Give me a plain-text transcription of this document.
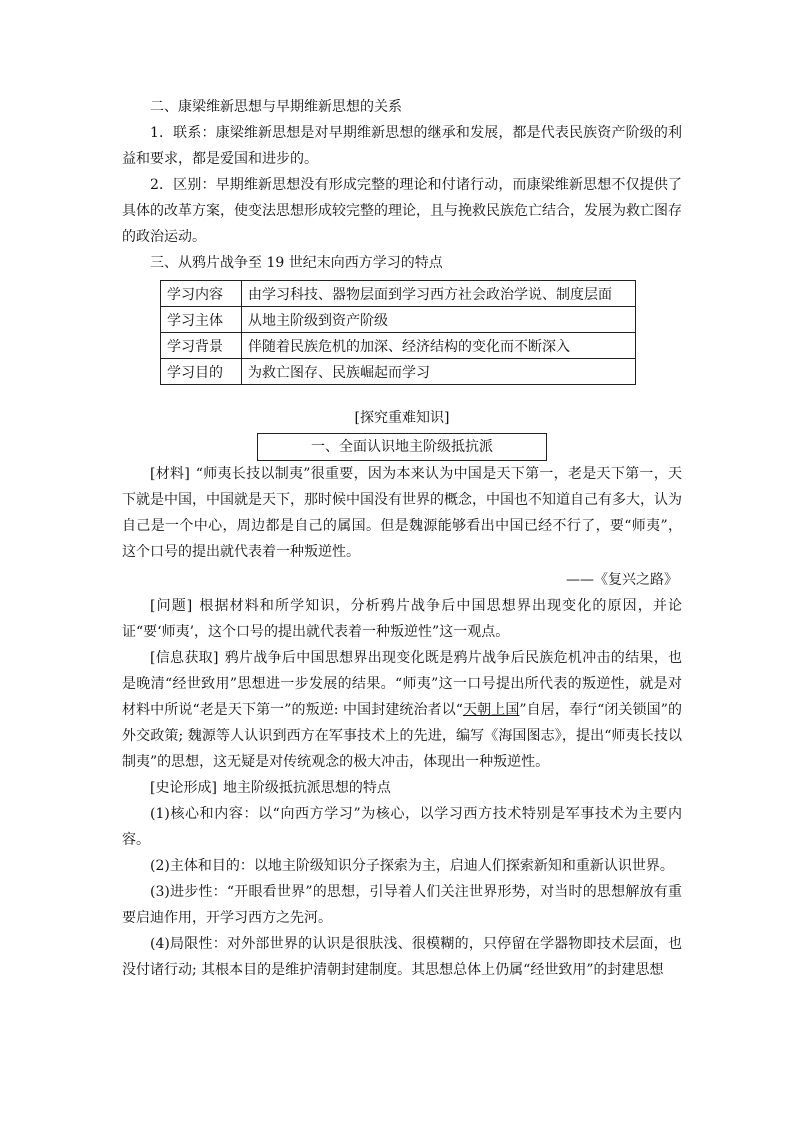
二、康梁维新思想与早期维新思想的关系

1．联系：康梁维新思想是对早期维新思想的继承和发展，都是代表民族资产阶级的利益和要求，都是爱国和进步的。

2．区别：早期维新思想没有形成完整的理论和付诸行动，而康梁维新思想不仅提供了具体的改革方案，使变法思想形成较完整的理论，且与挽救民族危亡结合，发展为救亡图存的政治运动。

三、从鸦片战争至 19 世纪末向西方学习的特点
学习内容	由学习科技、器物层面到学习西方社会政治学说、制度层面
学习主体	从地主阶级到资产阶级
学习背景	伴随着民族危机的加深、经济结构的变化而不断深入
学习目的	为救亡图存、民族崛起而学习
[探究重难知识]
一、全面认识地主阶级抵抗派

[材料] “师夷长技以制夷”很重要，因为本来认为中国是天下第一，老是天下第一，天下就是中国，中国就是天下，那时候中国没有世界的概念，中国也不知道自己有多大，认为自己是一个中心，周边都是自己的属国。但是魏源能够看出中国已经不行了，要“师夷”，这个口号的提出就代表着一种叛逆性。

——《复兴之路》

[问题] 根据材料和所学知识，分析鸦片战争后中国思想界出现变化的原因，并论证“要‘师夷’，这个口号的提出就代表着一种叛逆性”这一观点。

[信息获取] 鸦片战争后中国思想界出现变化既是鸦片战争后民族危机冲击的结果，也是晚清“经世致用”思想进一步发展的结果。“师夷”这一口号提出所代表的叛逆性，就是对材料中所说“老是天下第一”的叛逆: 中国封建统治者以“天朝上国”自居，奉行“闭关锁国”的外交政策; 魏源等人认识到西方在军事技术上的先进，编写《海国图志》，提出“师夷长技以制夷”的思想，这无疑是对传统观念的极大冲击，体现出一种叛逆性。

[史论形成] 地主阶级抵抗派思想的特点

(1)核心和内容：以“向西方学习”为核心，以学习西方技术特别是军事技术为主要内容。

(2)主体和目的：以地主阶级知识分子探索为主，启迪人们探索新知和重新认识世界。

(3)进步性：“开眼看世界”的思想，引导着人们关注世界形势，对当时的思想解放有重要启迪作用，开学习西方之先河。

(4)局限性：对外部世界的认识是很肤浅、很模糊的，只停留在学器物即技术层面，也没付诸行动; 其根本目的是维护清朝封建制度。其思想总体上仍属“经世致用”的封建思想
